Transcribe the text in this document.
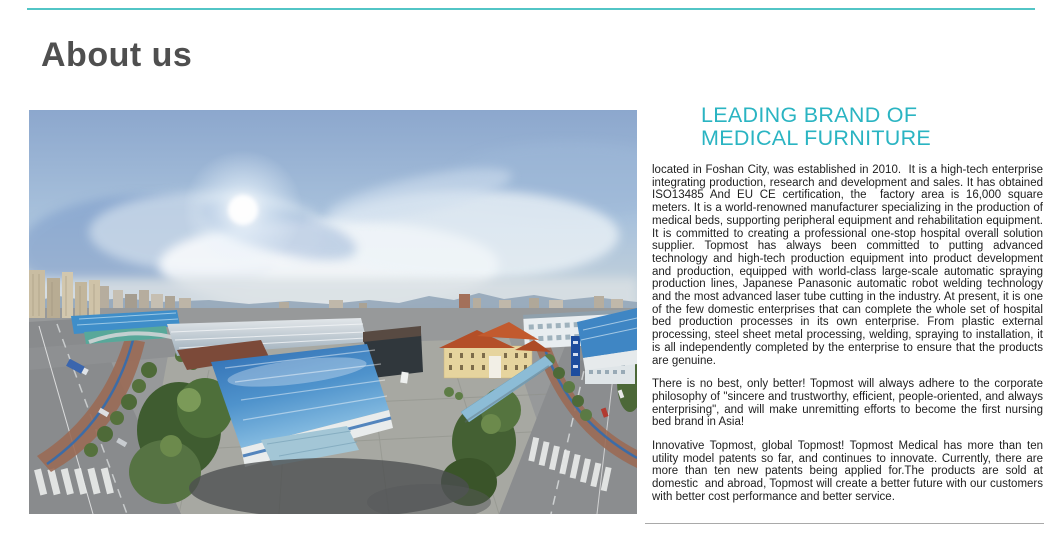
About us
LEADING BRAND OF
MEDICAL FURNITURE

located in Foshan City, was established in 2010.  It is a high-tech enterprise integrating production, research and development and sales. It has obtained ISO13485 And EU CE certification, the  factory area is 16,000 square meters. It is a world-renowned manufacturer specializing in the production of medical beds, supporting peripheral equipment and rehabilitation equipment. It is committed to creating a professional one-stop hospital overall solution supplier. Topmost has always been committed to putting advanced technology and high-tech production equipment into product development and production, equipped with world-class large-scale automatic spraying production lines, Japanese Panasonic automatic robot welding technology and the most advanced laser tube cutting in the industry. At present, it is one of the few domestic enterprises that can complete the whole set of hospital bed production processes in its own enterprise. From plastic external processing, steel sheet metal processing, welding, spraying to installation, it is all independently completed by the enterprise to ensure that the products are genuine.

There is no best, only better! Topmost will always adhere to the corporate philosophy of "sincere and trustworthy, efficient, people-oriented, and always enterprising", and will make unremitting efforts to become the first nursing bed brand in Asia!

Innovative Topmost, global Topmost! Topmost Medical has more than ten utility model patents so far, and continues to innovate. Currently, there are more than ten new patents being applied for.The products are sold at domestic  and abroad, Topmost will create a better future with our customers with better cost performance and better service.
